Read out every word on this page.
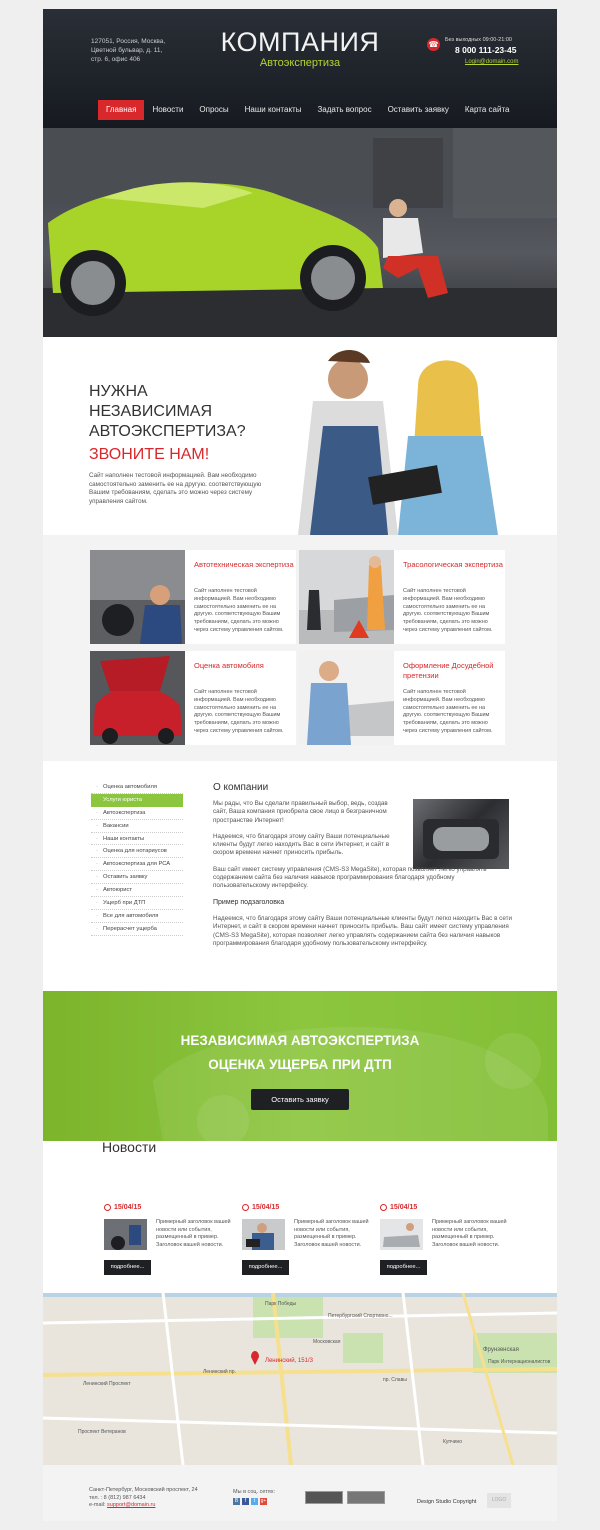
127051, Россия, Москва, Цветной бульвар, д. 11, стр. 6, офис 406
КОМПАНИЯ
Автоэкспертиза
☎ Без выходных 09:00-21:00
8 000 111-23-45
Login@domain.com
Главная	Новости	Опросы	Наши контакты	Задать вопрос	Оставить заявку	Карта сайта
НУЖНА
НЕЗАВИСИМАЯ
АВТОЭКСПЕРТИЗА?
ЗВОНИТЕ НАМ!
Сайт наполнен тестовой информацией. Вам необходимо самостоятельно заменить ее на другую. соответствующую Вашим требованиям, сделать это можно через систему управления сайтом.
Автотехническая экспертиза
Сайт наполнен тестовой информацией. Вам необходимо самостоятельно заменить ее на другую. соответствующую Вашим требованиям, сделать это можно через систему управления сайтом.
Трасологическая экспертиза
Сайт наполнен тестовой информацией. Вам необходимо самостоятельно заменить ее на другую. соответствующую Вашим требованиям, сделать это можно через систему управления сайтом.
Оценка автомобиля
Сайт наполнен тестовой информацией. Вам необходимо самостоятельно заменить ее на другую. соответствующую Вашим требованиям, сделать это можно через систему управления сайтом.
Оформление Досудебной претензии
Сайт наполнен тестовой информацией. Вам необходимо самостоятельно заменить ее на другую. соответствующую Вашим требованиям, сделать это можно через систему управления сайтом.
· Оценка автомобиля
· Услуги юриста
· Автоэкспертиза
· Вакансии
· Наши контакты
· Оценка для нотариусов
· Автоэкспертиза для РСА
· Оставить заявку
· Автоюрист
· Ущерб при ДТП
· Все для автомобиля
· Перерасчет ущерба
О компании

Мы рады, что Вы сделали правильный выбор, ведь, создав сайт, Ваша компания приобрела свое лицо в безграничном пространстве Интернет!

Надеемся, что благодаря этому сайту Ваши потенциальные клиенты будут легко находить Вас в сети Интернет, и сайт в скором времени начнет приносить прибыль.

Ваш сайт имеет систему управления (CMS-S3 MegaSite), которая позволяет легко управлять содержанием сайта без наличия навыков программирования благодаря удобному пользовательскому интерфейсу.

Пример подзаголовка

Надеемся, что благодаря этому сайту Ваши потенциальные клиенты будут легко находить Вас в сети Интернет, и сайт в скором времени начнет приносить прибыль. Ваш сайт имеет систему управления (CMS-S3 MegaSite), которая позволяет легко управлять содержанием сайта без наличия навыков программирования благодаря удобному пользовательскому интерфейсу.

НЕЗАВИСИМАЯ АВТОЭКСПЕРТИЗА
ОЦЕНКА УЩЕРБА ПРИ ДТП
Оставить заявку
Новости
15/04/15
Примерный заголовок вашей новости или события, размещенный в пример. Заголовок вашей новости.
подробнее...
15/04/15
Примерный заголовок вашей новости или события, размещенный в пример. Заголовок вашей новости.
подробнее...
15/04/15
Примерный заголовок вашей новости или события, размещенный в пример. Заголовок вашей новости.
подробнее...
Ленинский, 151/3
Парк Победы
Петербургский Спортивно...
Московская
Ленинский пр.
Ленинский Проспект
Проспект Ветеранов
Фрунзенская
Парк Интернационалистов
пр. Славы
Купчино
Санкт-Петербург, Московский проспект, 24
тел. : 8 (812) 987 6434
e-mail: support@domain.ru
Мы в соц. сетях:
В	f	t	g+	Design Studio Copyright	LOGO
